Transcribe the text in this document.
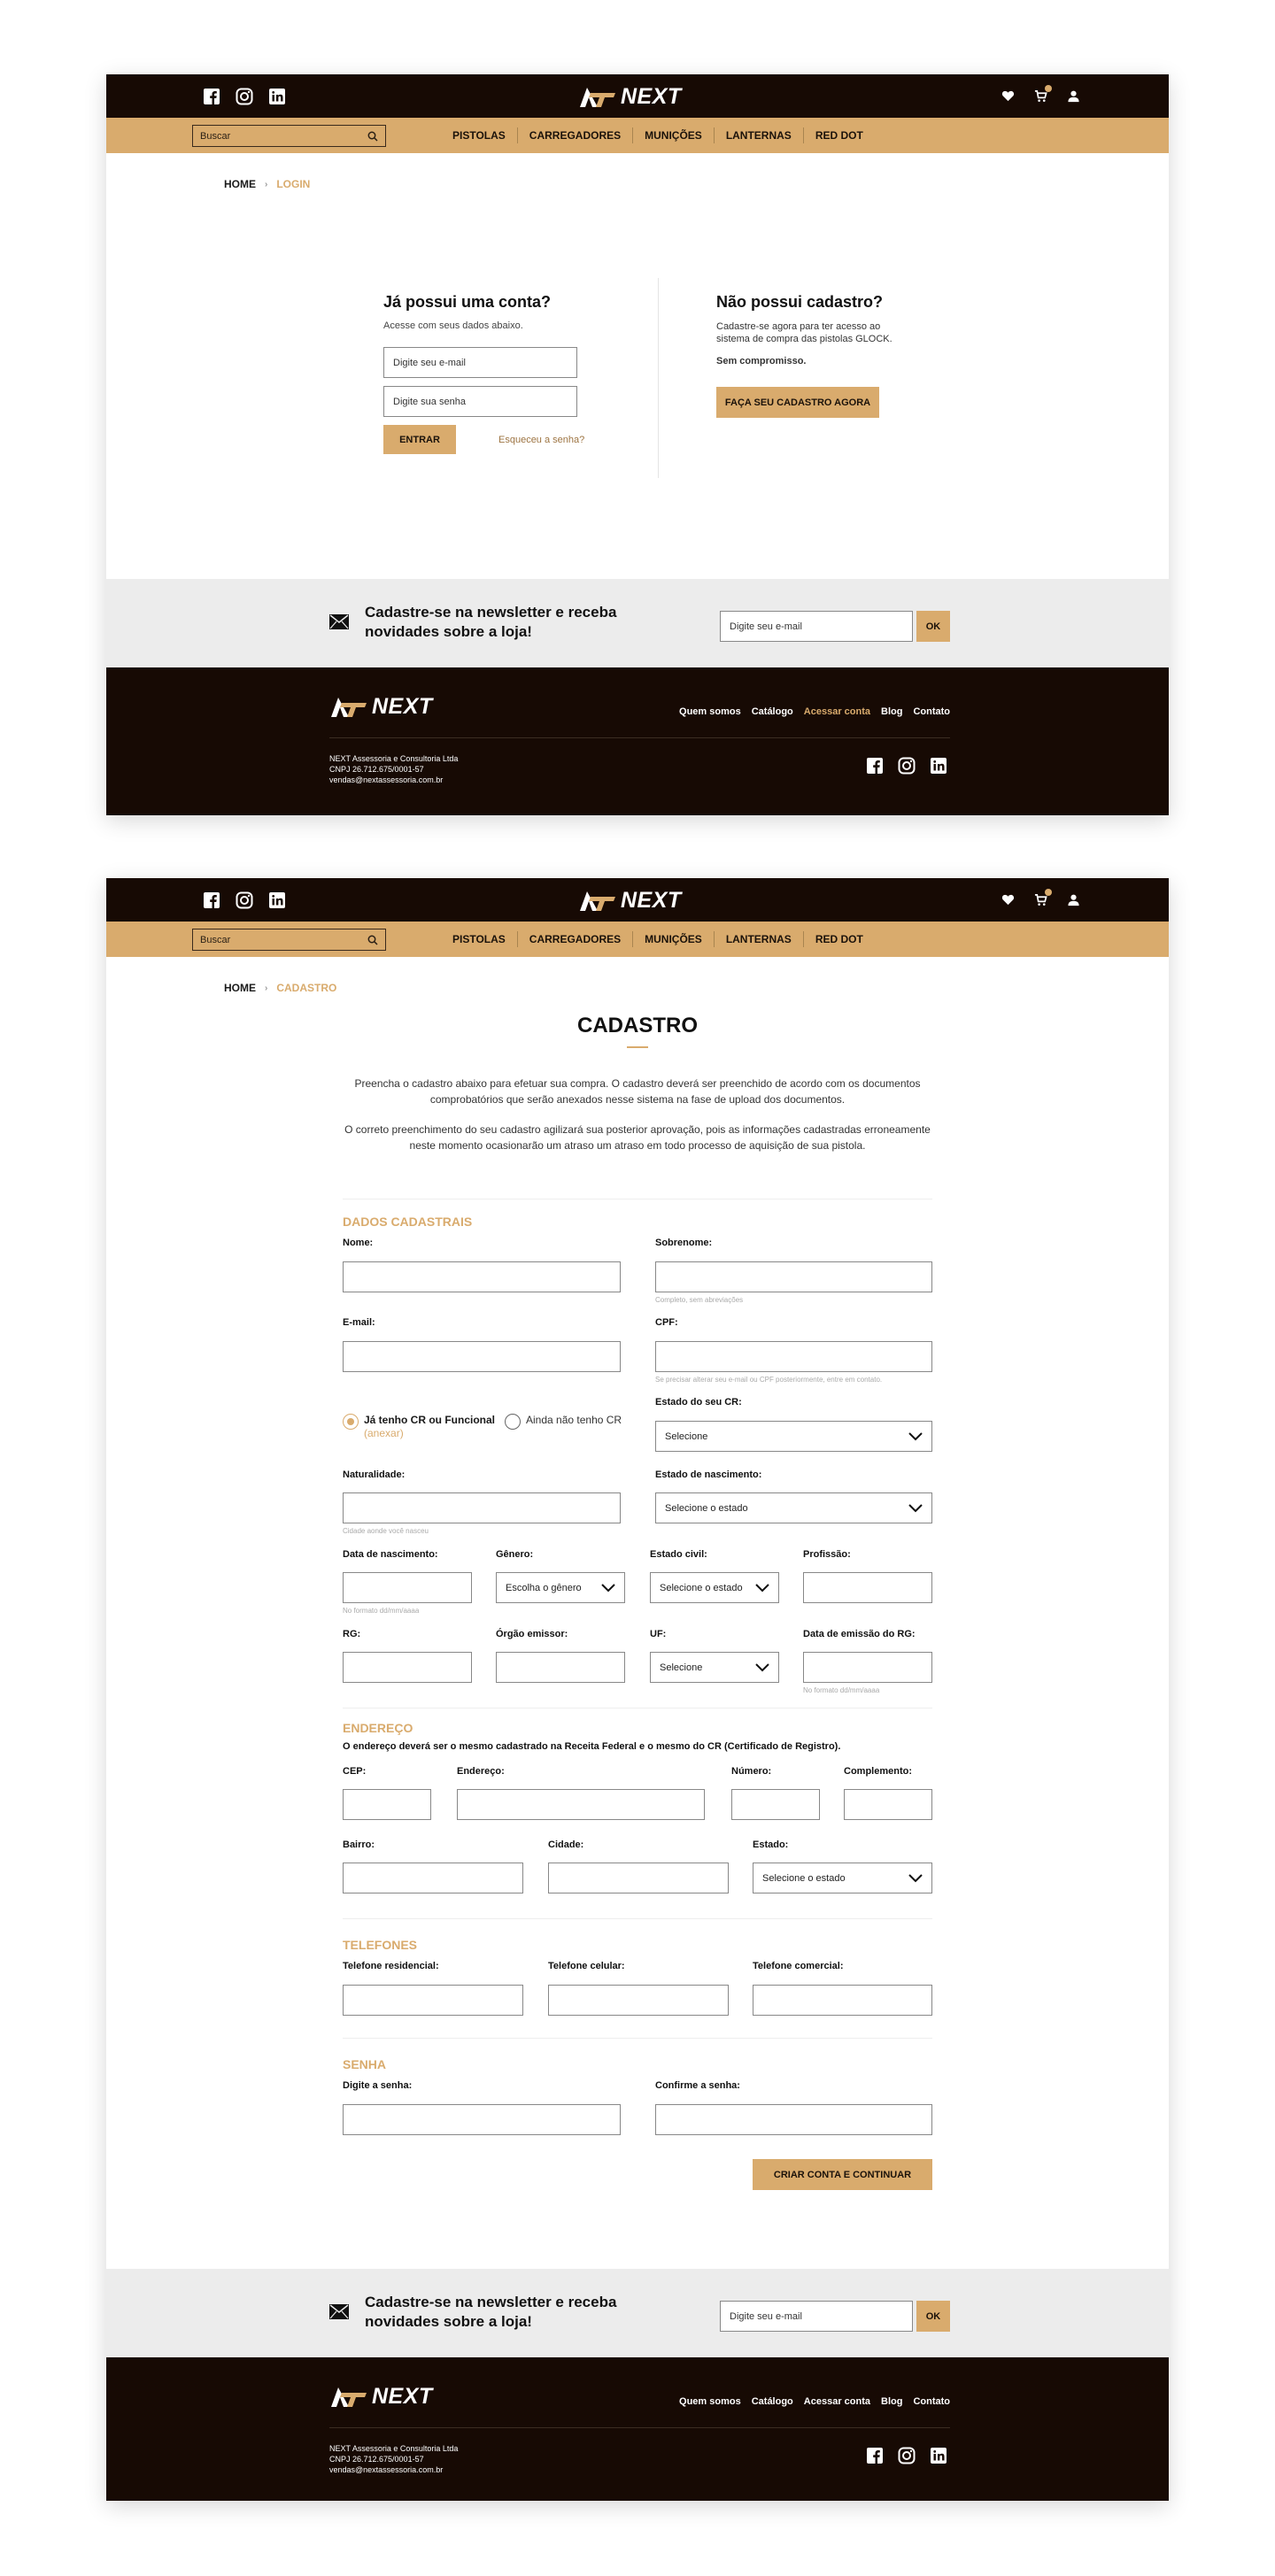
NEXT
Buscar	PISTOLAS	CARREGADORES	MUNIÇÕES	LANTERNAS	RED DOT
HOME › LOGIN
Já possui uma conta?

Acesse com seus dados abaixo.

Digite seu e-mail
Digite sua senha
ENTRAR	Esqueceu a senha?
Não possui cadastro?

Cadastre-se agora para ter acesso ao sistema de compra das pistolas GLOCK.

Sem compromisso.

FAÇA SEU CADASTRO AGORA
Cadastre-se na newsletter e receba novidades sobre a loja!	Digite seu e-mail	OK
NEXT	Quem somos Catálogo Acessar conta Blog Contato
NEXT Assessoria e Consultoria Ltda
CNPJ 26.712.675/0001-57
vendas@nextassessoria.com.br
NEXT
Buscar	PISTOLAS	CARREGADORES	MUNIÇÕES	LANTERNAS	RED DOT
HOME › CADASTRO
CADASTRO

Preencha o cadastro abaixo para efetuar sua compra. O cadastro deverá ser preenchido de acordo com os documentos comprobatórios que serão anexados nesse sistema na fase de upload dos documentos.

O correto preenchimento do seu cadastro agilizará sua posterior aprovação, pois as informações cadastradas erroneamente neste momento ocasionarão um atraso um atraso em todo processo de aquisição de sua pistola.

DADOS CADASTRAIS
Nome:	Sobrenome:
Completo, sem abreviações
E-mail:	CPF:
Se precisar alterar seu e-mail ou CPF posteriormente, entre em contato.
Já tenho CR ou Funcional
(anexar)
Ainda não tenho CR
Estado do seu CR:
Selecione
Naturalidade:
Cidade aonde você nasceu
Estado de nascimento:
Selecione o estado
Data de nascimento:
No formato dd/mm/aaaa
Gênero:
Escolha o gênero
Estado civil:
Selecione o estado
Profissão:
RG:	Órgão emissor:	UF:
Selecione
Data de emissão do RG:
No formato dd/mm/aaaa
ENDEREÇO
O endereço deverá ser o mesmo cadastrado na Receita Federal e o mesmo do CR (Certificado de Registro).
CEP:	Endereço:	Número:	Complemento:
Bairro:	Cidade:	Estado:
Selecione o estado
TELEFONES
Telefone residencial:	Telefone celular:	Telefone comercial:
SENHA
Digite a senha:	Confirme a senha:
CRIAR CONTA E CONTINUAR
Cadastre-se na newsletter e receba novidades sobre a loja!	Digite seu e-mail	OK
NEXT	Quem somos Catálogo Acessar conta Blog Contato
NEXT Assessoria e Consultoria Ltda
CNPJ 26.712.675/0001-57
vendas@nextassessoria.com.br
